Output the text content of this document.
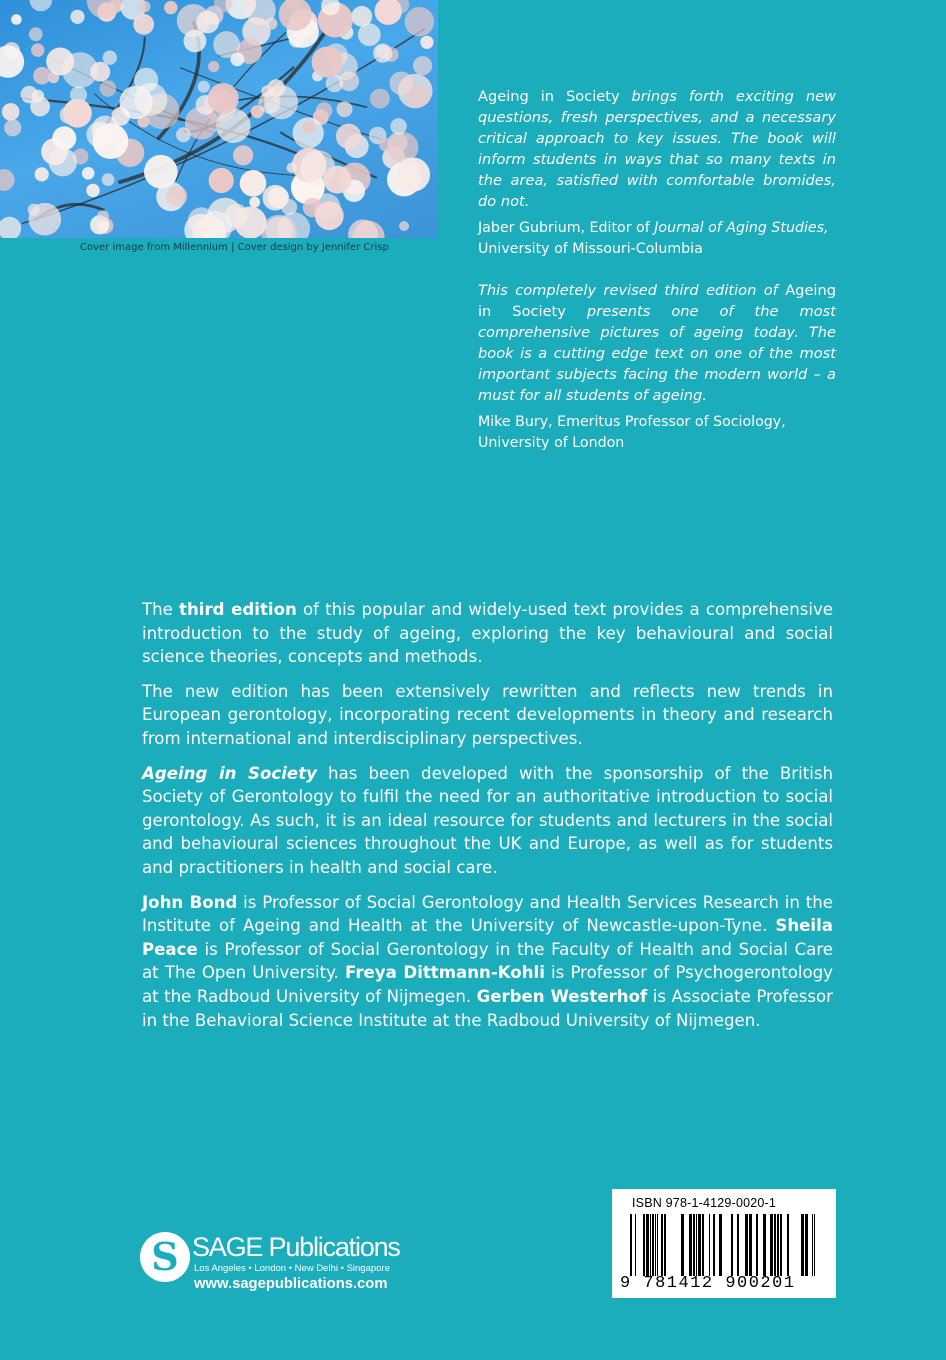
Cover image from Millennium | Cover design by Jennifer Crisp

Ageing in Society brings forth exciting new questions, fresh perspectives, and a necessary critical approach to key issues. The book will inform students in ways that so many texts in the area, satisfied with comfortable bromides, do not.

Jaber Gubrium, Editor of Journal of Aging Studies, University of Missouri-Columbia

This completely revised third edition of Ageing in Society presents one of the most comprehensive pictures of ageing today. The book is a cutting edge text on one of the most important subjects facing the modern world – a must for all students of ageing.

Mike Bury, Emeritus Professor of Sociology, University of London

The third edition of this popular and widely-used text provides a comprehensive introduction to the study of ageing, exploring the key behavioural and social science theories, concepts and methods.

The new edition has been extensively rewritten and reflects new trends in European gerontology, incorporating recent developments in theory and research from international and interdisciplinary perspectives.

Ageing in Society has been developed with the sponsorship of the British Society of Gerontology to fulfil the need for an authoritative introduction to social gerontology. As such, it is an ideal resource for students and lecturers in the social and behavioural sciences throughout the UK and Europe, as well as for students and practitioners in health and social care.

John Bond is Professor of Social Gerontology and Health Services Research in the Institute of Ageing and Health at the University of Newcastle-upon-Tyne. Sheila Peace is Professor of Social Gerontology in the Faculty of Health and Social Care at The Open University. Freya Dittmann-Kohli is Professor of Psychogerontology at the Radboud University of Nijmegen. Gerben Westerhof is Associate Professor in the Behavioral Science Institute at the Radboud University of Nijmegen.

S SAGE Publications
Los Angeles • London • New Delhi • Singapore
www.sagepublications.com
ISBN 978-1-4129-0020-1
9 781412 900201
